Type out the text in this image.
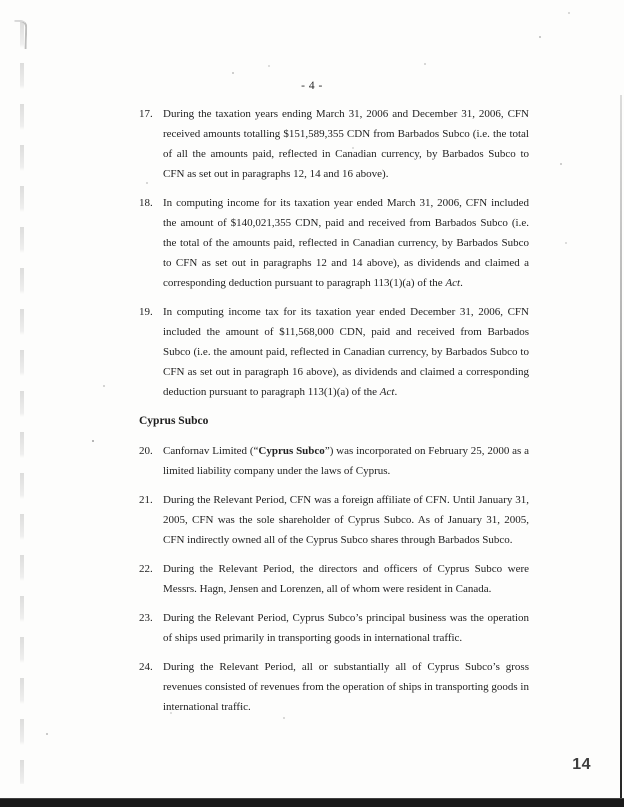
- 4 -
17. During the taxation years ending March 31, 2006 and December 31, 2006, CFN received amounts totalling $151,589,355 CDN from Barbados Subco (i.e. the total of all the amounts paid, reflected in Canadian currency, by Barbados Subco to CFN as set out in paragraphs 12, 14 and 16 above).
18. In computing income for its taxation year ended March 31, 2006, CFN included the amount of $140,021,355 CDN, paid and received from Barbados Subco (i.e. the total of the amounts paid, reflected in Canadian currency, by Barbados Subco to CFN as set out in paragraphs 12 and 14 above), as dividends and claimed a corresponding deduction pursuant to paragraph 113(1)(a) of the Act.
19. In computing income tax for its taxation year ended December 31, 2006, CFN included the amount of $11,568,000 CDN, paid and received from Barbados Subco (i.e. the amount paid, reflected in Canadian currency, by Barbados Subco to CFN as set out in paragraph 16 above), as dividends and claimed a corresponding deduction pursuant to paragraph 113(1)(a) of the Act.
Cyprus Subco
20. Canfornav Limited (“Cyprus Subco”) was incorporated on February 25, 2000 as a limited liability company under the laws of Cyprus.
21. During the Relevant Period, CFN was a foreign affiliate of CFN. Until January 31, 2005, CFN was the sole shareholder of Cyprus Subco. As of January 31, 2005, CFN indirectly owned all of the Cyprus Subco shares through Barbados Subco.
22. During the Relevant Period, the directors and officers of Cyprus Subco were Messrs. Hagn, Jensen and Lorenzen, all of whom were resident in Canada.
23. During the Relevant Period, Cyprus Subco’s principal business was the operation of ships used primarily in transporting goods in international traffic.
24. During the Relevant Period, all or substantially all of Cyprus Subco’s gross revenues consisted of revenues from the operation of ships in transporting goods in international traffic.
14
